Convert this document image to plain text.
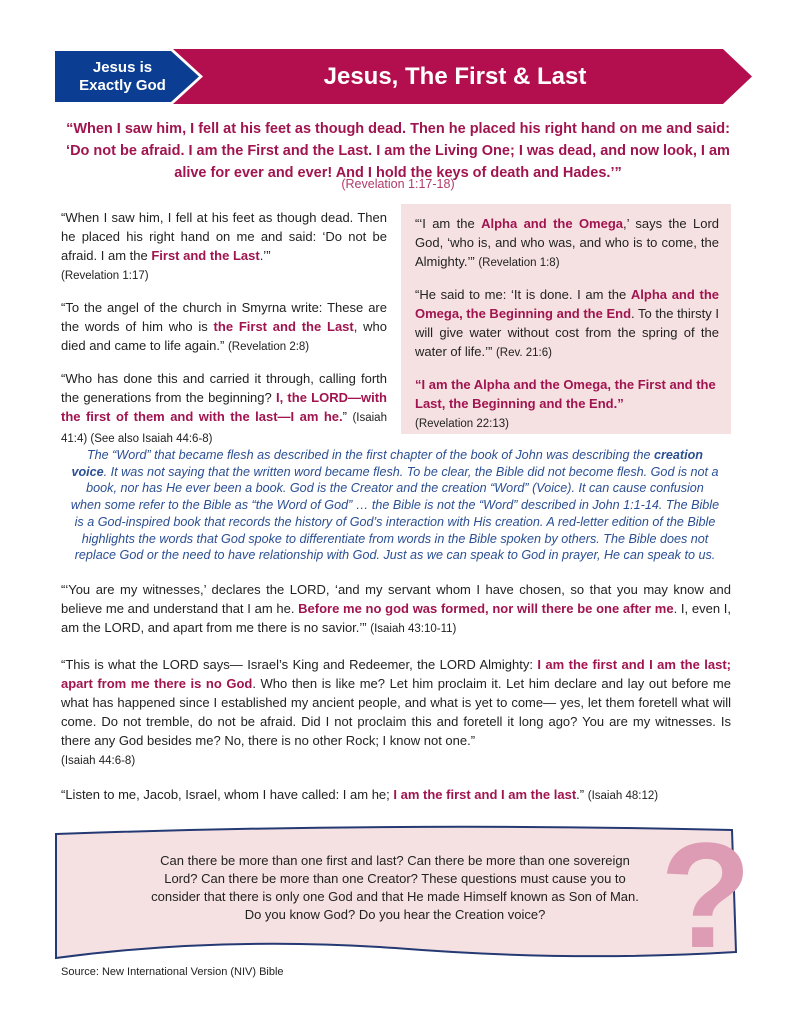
Jesus is
Exactly God	Jesus, The First & Last
“When I saw him, I fell at his feet as though dead. Then he placed his right hand on me and said: ‘Do not be afraid. I am the First and the Last. I am the Living One; I was dead, and now look, I am alive for ever and ever! And I hold the keys of death and Hades.’”
(Revelation 1:17-18)

“When I saw him, I fell at his feet as though dead. Then he placed his right hand on me and said: ‘Do not be afraid. I am the First and the Last.’”
(Revelation 1:17)

“To the angel of the church in Smyrna write: These are the words of him who is the First and the Last, who died and came to life again.” (Revelation 2:8)

“Who has done this and carried it through, calling forth the generations from the beginning? I, the LORD—with the first of them and with the last—I am he.” (Isaiah 41:4) (See also Isaiah 44:6-8)

“‘I am the Alpha and the Omega,’ says the Lord God, ‘who is, and who was, and who is to come, the Almighty.’” (Revelation 1:8)

“He said to me: ‘It is done. I am the Alpha and the Omega, the Beginning and the End. To the thirsty I will give water without cost from the spring of the water of life.’” (Rev. 21:6)

“I am the Alpha and the Omega, the First and the Last, the Beginning and the End.”
(Revelation 22:13)

The “Word” that became flesh as described in the first chapter of the book of John was describing the creation voice. It was not saying that the written word became flesh. To be clear, the Bible did not become flesh. God is not a book, nor has He ever been a book. God is the Creator and the creation “Word” (Voice). It can cause confusion when some refer to the Bible as “the Word of God” … the Bible is not the “Word” described in John 1:1-14. The Bible is a God-inspired book that records the history of God’s interaction with His creation. A red-letter edition of the Bible highlights the words that God spoke to differentiate from words in the Bible spoken by others. The Bible does not replace God or the need to have relationship with God. Just as we can speak to God in prayer, He can speak to us.

“‘You are my witnesses,’ declares the LORD, ‘and my servant whom I have chosen, so that you may know and believe me and understand that I am he. Before me no god was formed, nor will there be one after me. I, even I, am the LORD, and apart from me there is no savior.’” (Isaiah 43:10-11)

“This is what the LORD says— Israel’s King and Redeemer, the LORD Almighty: I am the first and I am the last; apart from me there is no God. Who then is like me? Let him proclaim it. Let him declare and lay out before me what has happened since I established my ancient people, and what is yet to come— yes, let them foretell what will come. Do not tremble, do not be afraid. Did I not proclaim this and foretell it long ago? You are my witnesses. Is there any God besides me? No, there is no other Rock; I know not one.”
(Isaiah 44:6-8)

“Listen to me, Jacob, Israel, whom I have called: I am he; I am the first and I am the last.” (Isaiah 48:12)

?
Can there be more than one first and last? Can there be more than one sovereign Lord? Can there be more than one Creator? These questions must cause you to consider that there is only one God and that He made Himself known as Son of Man. Do you know God? Do you hear the Creation voice?
Source: New International Version (NIV) Bible
